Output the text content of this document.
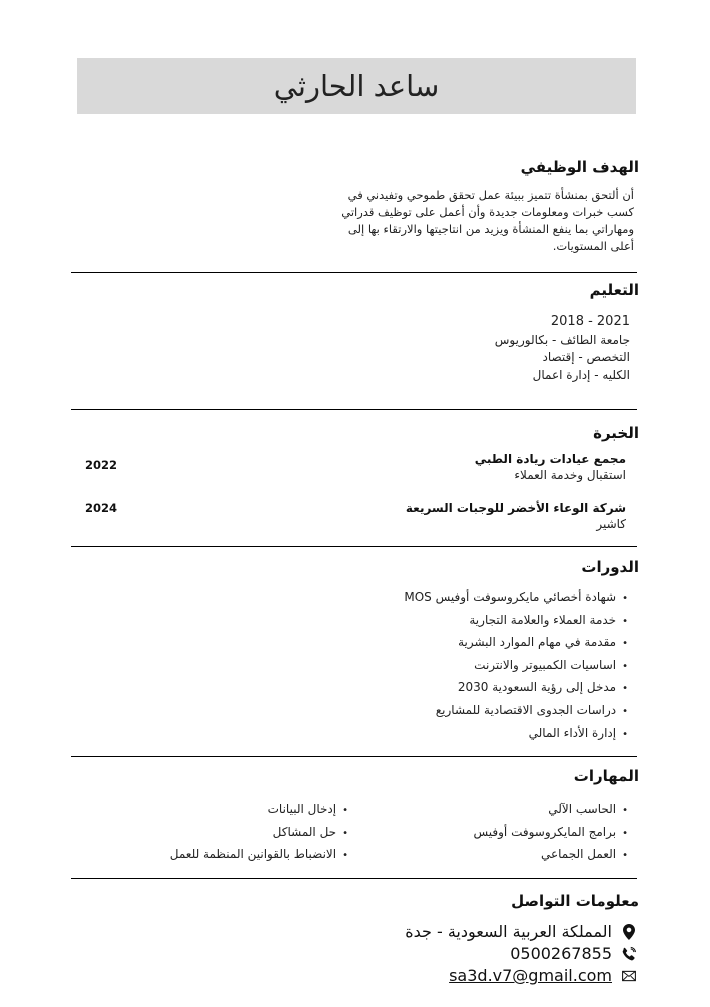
ساعد الحارثي
الهدف الوظيفي
أن ألتحق بمنشأة تتميز ببيئة عمل تحقق طموحي وتفيدني في
كسب خبرات ومعلومات جديدة وأن أعمل على توظيف قدراتي
ومهاراتي بما ينفع المنشأة ويزيد من انتاجيتها والارتقاء بها إلى
أعلى المستويات.
التعليم
2018 - 2021
جامعة الطائف - بكالوريوس
التخصص - إقتصاد
الكليه - إدارة اعمال
الخبرة
مجمع عيادات ريادة الطبي
استقبال وخدمة العملاء
2022
شركة الوعاء الأخضر للوجبات السريعة
كاشير
2024
الدورات
• شهادة أخصائي مايكروسوفت أوفيس MOS
• خدمة العملاء والعلامة التجارية
• مقدمة في مهام الموارد البشرية
• اساسيات الكمبيوتر والانترنت
• مدخل إلى رؤية السعودية 2030
• دراسات الجدوى الاقتصادية للمشاريع
• إدارة الأداء المالي
المهارات
• الحاسب الآلي
• برامج المايكروسوفت أوفيس
• العمل الجماعي
• إدخال البيانات
• حل المشاكل
• الانضباط بالقوانين المنظمة للعمل
معلومات التواصل
المملكة العربية السعودية - جدة
0500267855
sa3d.v7@gmail.com
